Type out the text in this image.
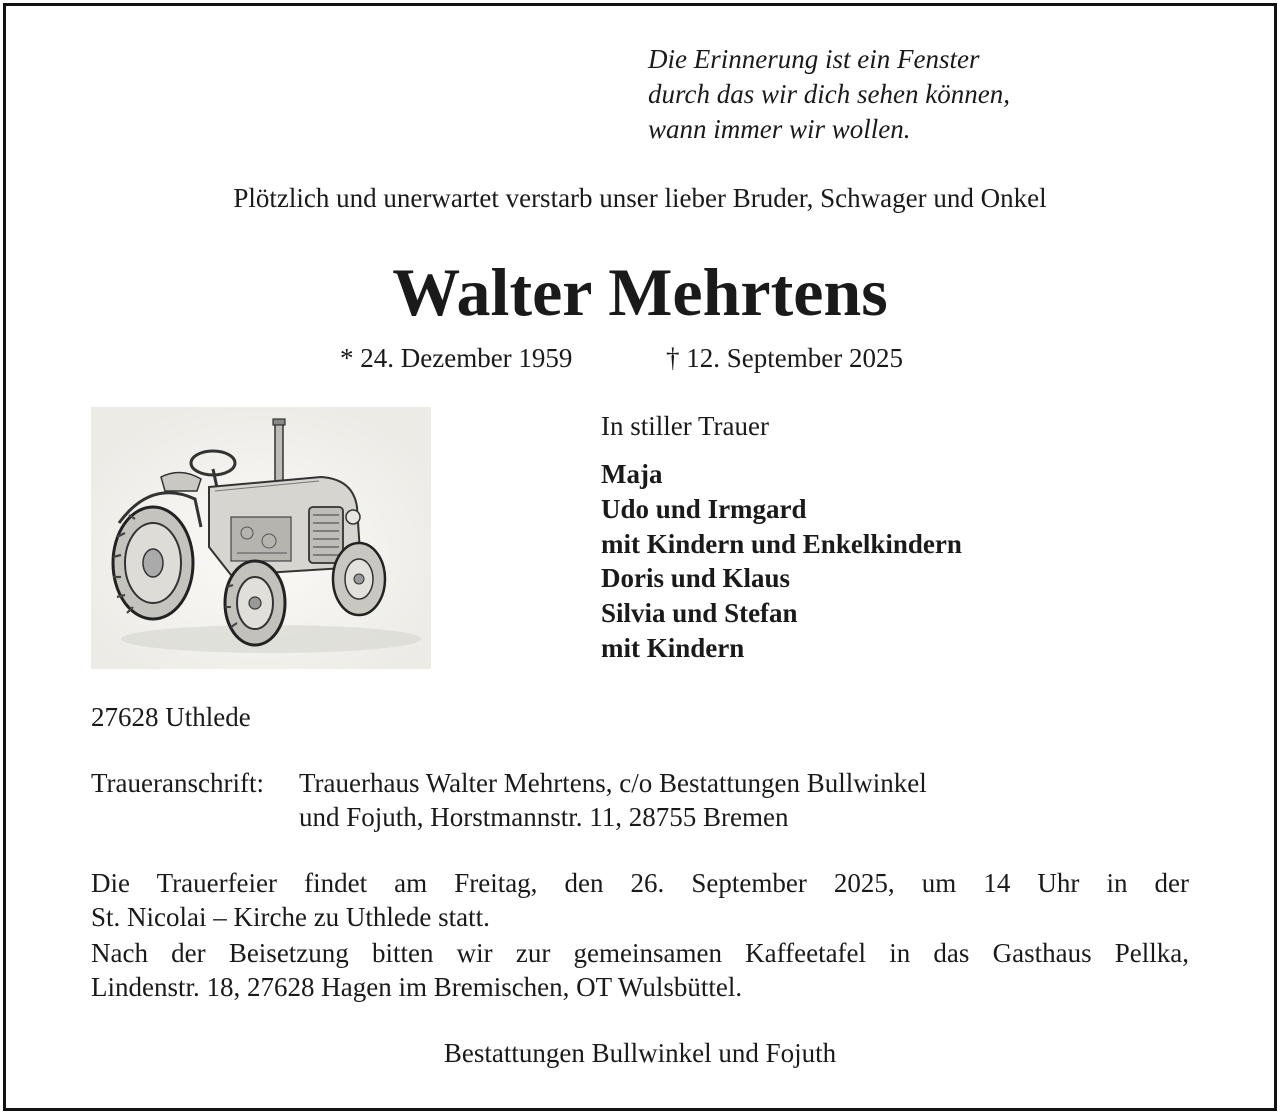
Die Erinnerung ist ein Fenster
durch das wir dich sehen können,
wann immer wir wollen.
Plötzlich und unerwartet verstarb unser lieber Bruder, Schwager und Onkel
Walter Mehrtens
* 24. Dezember 1959	† 12. September 2025
In stiller Trauer
Maja
Udo und Irmgard
mit Kindern und Enkelkindern
Doris und Klaus
Silvia und Stefan
mit Kindern
27628 Uthlede
Traueranschrift: Trauerhaus Walter Mehrtens, c/o Bestattungen Bullwinkel
und Fojuth, Horstmannstr. 11, 28755 Bremen
Die Trauerfeier findet am Freitag, den 26. September 2025, um 14 Uhr in der
St. Nicolai – Kirche zu Uthlede statt.
Nach der Beisetzung bitten wir zur gemeinsamen Kaffeetafel in das Gasthaus Pellka,
Lindenstr. 18, 27628 Hagen im Bremischen, OT Wulsbüttel.
Bestattungen Bullwinkel und Fojuth
